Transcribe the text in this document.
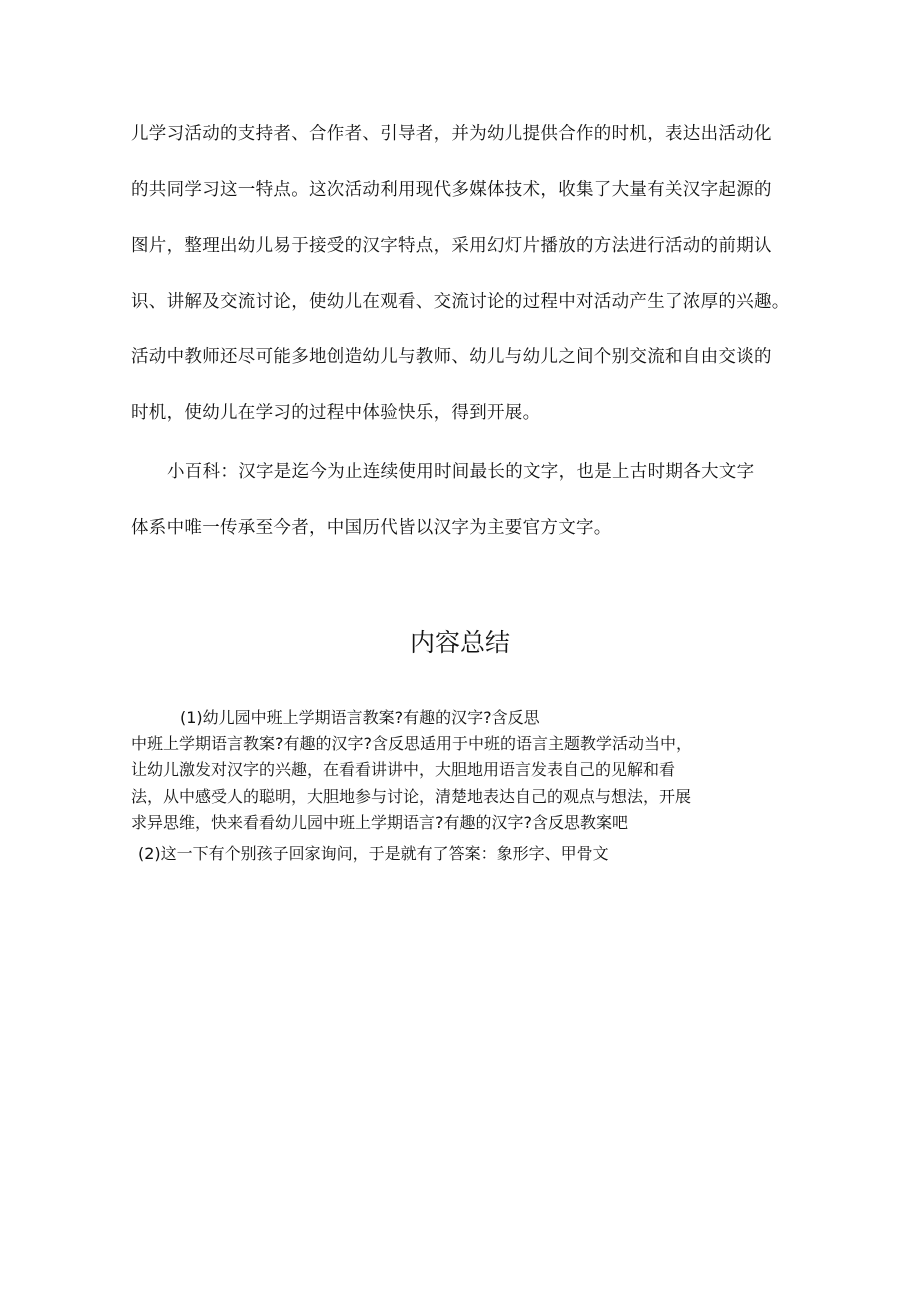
儿学习活动的支持者、合作者、引导者，并为幼儿提供合作的时机，表达出活动化
的共同学习这一特点。这次活动利用现代多媒体技术，收集了大量有关汉字起源的
图片，整理出幼儿易于接受的汉字特点，采用幻灯片播放的方法进行活动的前期认
识、讲解及交流讨论，使幼儿在观看、交流讨论的过程中对活动产生了浓厚的兴趣。
活动中教师还尽可能多地创造幼儿与教师、幼儿与幼儿之间个别交流和自由交谈的
时机，使幼儿在学习的过程中体验快乐，得到开展。
小百科：汉字是迄今为止连续使用时间最长的文字，也是上古时期各大文字
体系中唯一传承至今者，中国历代皆以汉字为主要官方文字。
内容总结
(1)幼儿园中班上学期语言教案?有趣的汉字?含反思
中班上学期语言教案?有趣的汉字?含反思适用于中班的语言主题教学活动当中，
让幼儿激发对汉字的兴趣，在看看讲讲中，大胆地用语言发表自己的见解和看
法，从中感受人的聪明，大胆地参与讨论，清楚地表达自己的观点与想法，开展
求异思维，快来看看幼儿园中班上学期语言?有趣的汉字?含反思教案吧
(2)这一下有个别孩子回家询问，于是就有了答案：象形字、甲骨文
